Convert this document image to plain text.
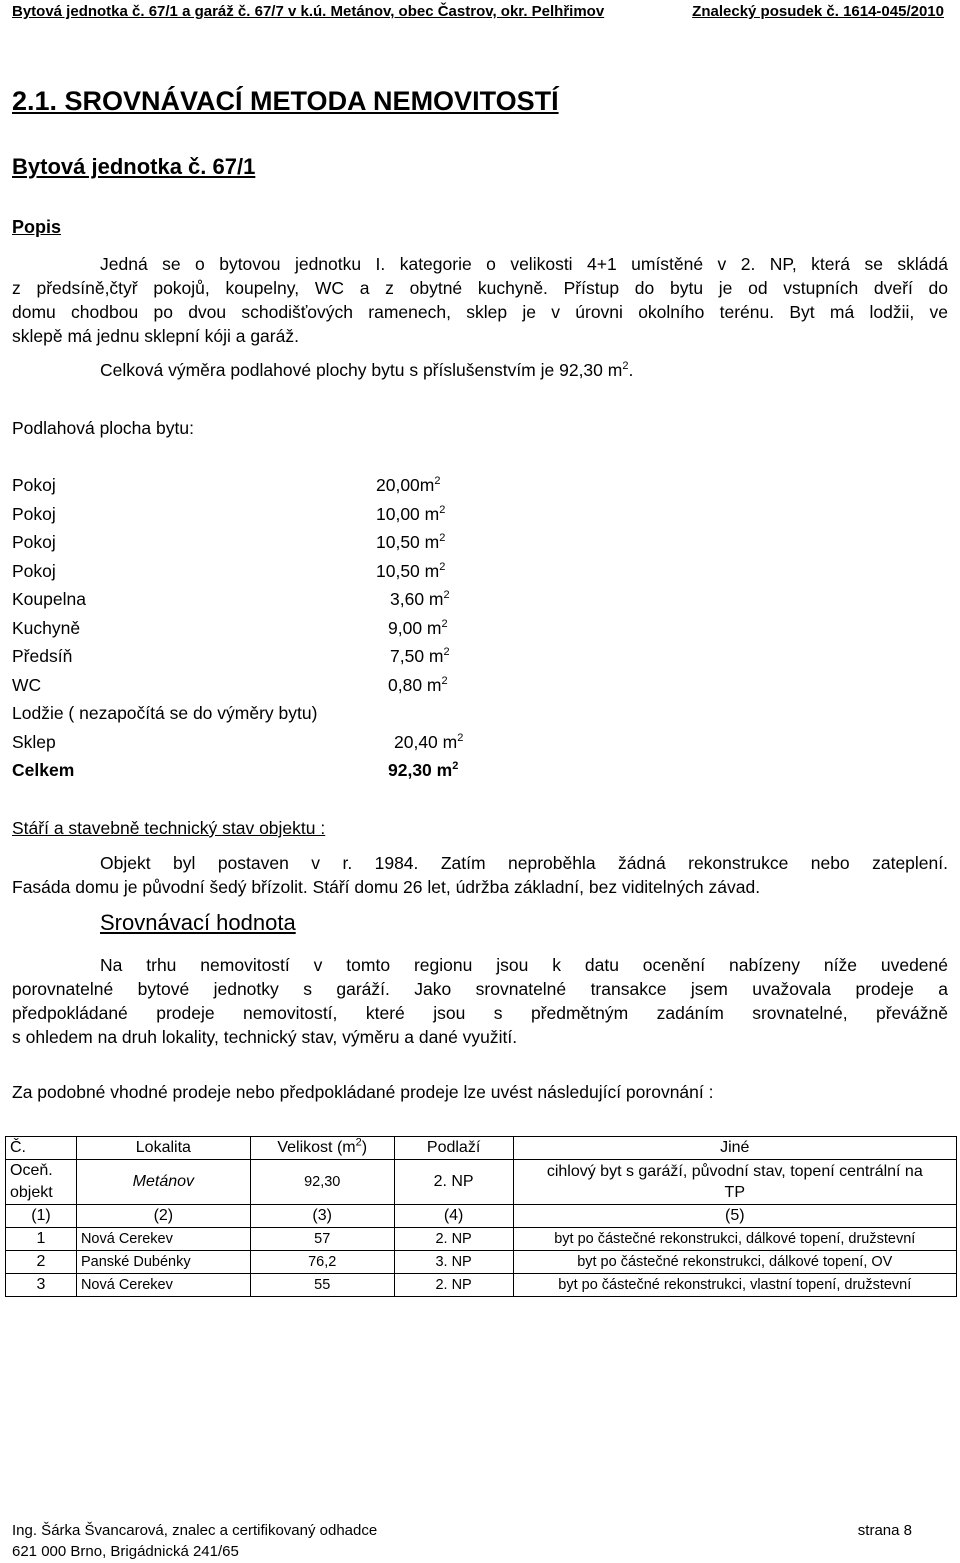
Bytová jednotka č. 67/1 a garáž č. 67/7 v k.ú. Metánov, obec Častrov, okr. Pelhřimov	Znalecký posudek č. 1614-045/2010
2.1. SROVNÁVACÍ METODA NEMOVITOSTÍ
Bytová jednotka č. 67/1
Popis
Jedná se o bytovou jednotku I. kategorie o velikosti 4+1 umístěné v 2. NP, která se skládá
z předsíně,čtyř pokojů, koupelny, WC a z obytné kuchyně. Přístup do bytu je od vstupních dveří do
domu chodbou po dvou schodišťových ramenech, sklep je v úrovni okolního terénu. Byt má lodžii, ve
sklepě má jednu sklepní kóji a garáž.
Celková výměra podlahové plochy bytu s příslušenstvím je 92,30 $m^2$.
Podlahová plocha bytu:
Pokoj	$20,00m^2$
Pokoj	10,00 $m^2$
Pokoj	10,50 $m^2$
Pokoj	10,50 $m^2$
Koupelna	3,60 $m^2$
Kuchyně	9,00 $m^2$
Předsíň	7,50 $m^2$
WC	0,80 $m^2$
Lodžie ( nezapočítá se do výměry bytu)
Sklep	20,40 $m^2$
Celkem	92,30 $m^2$
Stáří a stavebně technický stav objektu :
Objekt byl postaven v r. 1984. Zatím neproběhla žádná rekonstrukce nebo zateplení.
Fasáda domu je původní šedý břízolit. Stáří domu 26 let, údržba základní, bez viditelných závad.
Srovnávací hodnota
Na trhu nemovitostí v tomto regionu jsou k datu ocenění nabízeny níže uvedené
porovnatelné bytové jednotky s garáží. Jako srovnatelné transakce jsem uvažovala prodeje a
předpokládané prodeje nemovitostí, které jsou s předmětným zadáním srovnatelné, převážně
s ohledem na druh lokality, technický stav, výměru a dané využití.
Za podobné vhodné prodeje nebo předpokládané prodeje lze uvést následující porovnání :
Č.	Lokalita	Velikost $(m^2)$	Podlaží	Jiné
Oceň.
objekt	Metánov	92,30	2. NP	cihlový byt s garáží, původní stav, topení centrální na
TP
(1)	(2)	(3)	(4)	(5)
1	Nová Cerekev	57	2. NP	byt po částečné rekonstrukci, dálkové topení, družstevní
2	Panské Dubénky	76,2	3. NP	byt po částečné rekonstrukci, dálkové topení, OV
3	Nová Cerekev	55	2. NP	byt po částečné rekonstrukci, vlastní topení, družstevní
Ing. Šárka Švancarová, znalec a certifikovaný odhadce
621 000 Brno, Brigádnická 241/65
strana 8
